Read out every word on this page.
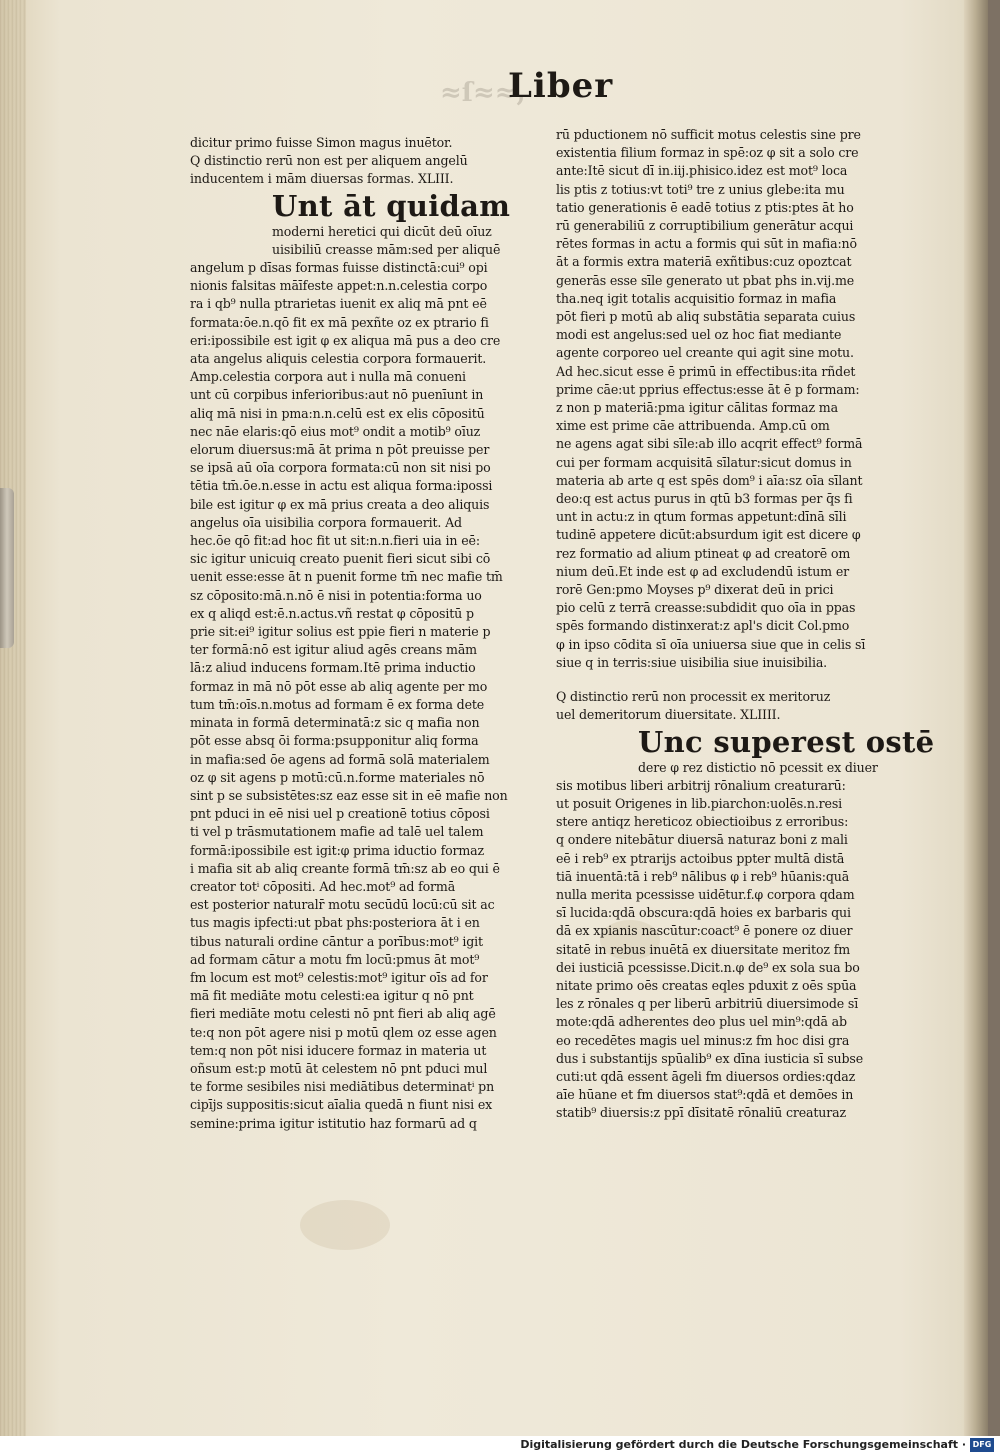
≈ſ≈≈,
Liber

dicitur primo fuisse Simon magus inuētor.

Q distinctio rerū non est per aliquem angelū

inducentem i mām diuersas formas. XLIII.

Unt āt quidam

moderni heretici qui dicūt deū oīuz

uisibiliū creasse mām:sed per aliquē

angelum p dīsas formas fuisse distinctā:cui⁹ opi

nionis falsitas māīfeste appet:n.n.celestia corpo

ra i qb⁹ nulla ptrarietas iuenit ex aliq mā pnt eē

formata:ōe.n.qō fit ex mā pexñte oz ex ptrario fi

eri:ipossibile est igit φ ex aliqua mā pus a deo cre

ata angelus aliquis celestia corpora formauerit.

Amp.celestia corpora aut i nulla mā conueni

unt cū corpibus inferioribus:aut nō puenīunt in

aliq mā nisi in pma:n.n.celū est ex elis cōpositū

nec nāe elaris:qō eius mot⁹ ondit a motib⁹ oīuz

elorum diuersus:mā āt prima n pōt preuisse per

se ipsā aū oīa corpora formata:cū non sit nisi po

tētia tm̄.ōe.n.esse in actu est aliqua forma:ipossi

bile est igitur φ ex mā prius creata a deo aliquis

angelus oīa uisibilia corpora formauerit. Ad

hec.ōe qō fit:ad hoc fit ut sit:n.n.fieri uia in eē:

sic igitur unicuiq creato puenit fieri sicut sibi cō

uenit esse:esse āt n puenit forme tm̄ nec mafie tm̄

sz cōposito:mā.n.nō ē nisi in potentia:forma uo

ex q aliqd est:ē.n.actus.vñ restat φ cōpositū p

prie sit:ei⁹ igitur solius est ppie fieri n materie p

ter formā:nō est igitur aliud agēs creans mām

lā:z aliud inducens formam.Itē prima inductio

formaz in mā nō pōt esse ab aliq agente per mo

tum tm̄:oīs.n.motus ad formam ē ex forma dete

minata in formā determinatā:z sic q mafia non

pōt esse absq ōi forma:psupponitur aliq forma

in mafia:sed ōe agens ad formā solā materialem

oz φ sit agens p motū:cū.n.forme materiales nō

sint p se subsistētes:sz eaz esse sit in eē mafie non

pnt pduci in eē nisi uel p creationē totius cōposi

ti vel p trāsmutationem mafie ad talē uel talem

formā:ipossibile est igit:φ prima iductio formaz

i mafia sit ab aliq creante formā tm̄:sz ab eo qui ē

creator totⁱ cōpositi. Ad hec.mot⁹ ad formā

est posterior naturalr̄ motu secūdū locū:cū sit ac

tus magis ipfecti:ut pbat phs:posteriora āt i en

tibus naturali ordine cāntur a porībus:mot⁹ igit

ad formam cātur a motu fm locū:pmus āt mot⁹

fm locum est mot⁹ celestis:mot⁹ igitur oīs ad for

mā̄ fit mediāte motu celesti:ea igitur q nō pnt

fieri mediāte motu celesti nō pnt fieri ab aliq agē

te:q non pōt agere nisi p motū qlem oz esse agen

tem:q non pōt nisi iducere formaz in materia ut

oñsum est:p motū āt celestem nō pnt pduci mul

te forme sesibiles nisi mediātibus determinatⁱ pn

cipījs suppositis:sicut aīalia quedā n fiunt nisi ex

semine:prima igitur istitutio haz formarū ad q

rū pductionem nō sufficit motus celestis sine pre

existentia filium formaz in spē:oz φ sit a solo cre

ante:Itē sicut dī in.iij.phisico.idez est mot⁹ loca

lis ptis z totius:vt toti⁹ tre z unius glebe:ita mu

tatio generationis ē eadē totius z ptis:ptes āt ho

rū generabiliū z corruptibilium generātur acqui

rētes formas in actu a formis qui sūt in mafia:nō

āt a formis extra materiā exñtibus:cuz opoztcat

generās esse sīle generato ut pbat phs in.vij.me

tha.neq igit totalis acquisitio formaz in mafia

pōt fieri p motū ab aliq substātia separata cuius

modi est angelus:sed uel oz hoc fiat mediante

agente corporeo uel creante qui agit sine motu.

Ad hec.sicut esse ē primū in effectibus:ita rñdet

prime cāe:ut pprius effectus:esse āt ē p formam:

z non p materiā:pma igitur cālitas formaz ma

xime est prime cāe attribuenda. Amp.cū om

ne agens agat sibi sīle:ab illo acqrit effect⁹ formā

cui per formam acquisitā sīlatur:sicut domus in

materia ab arte q est spēs dom⁹ i aīa:sz oīa sīlant

deo:q est actus purus in qtū b3 formas per q̄s fi

unt in actu:z in qtum formas appetunt:dīnā sīli

tudinē appetere dicūt:absurdum igit est dicere φ

rez formatio ad alium ptineat φ ad creatorē om

nium deū.Et inde est φ ad excludendū istum er

rorē Gen:pmo Moyses p⁹ dixerat deū in prici

pio celū z terrā creasse:subdidit quo oīa in ppas

spēs formando distinxerat:z apl's dicit Col.pmo

φ in ipso cōdita sī oīa uniuersa siue que in celis sī

siue q in terris:siue uisibilia siue inuisibilia.

Q distinctio rerū non processit ex meritoruz

uel demeritorum diuersitate. XLIIII.

Unc superest ostē

dere φ rez distictio nō pcessit ex diuer

sis motibus liberi arbitrij rōnalium creaturarū:

ut posuit Origenes in lib.piarchon:uolēs.n.resi

stere antiqz hereticoz obiectioibus z erroribus:

q ondere nitebātur diuersā naturaz boni z mali

eē i reb⁹ ex ptrarijs actoibus ppter multā distā

tiā inuentā:tā i reb⁹ nālibus φ i reb⁹ hūanis:quā

nulla merita pcessisse uidētur.f.φ corpora qdam

sī lucida:qdā obscura:qdā hoies ex barbaris qui

dā ex xpianis nascūtur:coact⁹ ē ponere oz diuer

sitatē in rebus inuētā ex diuersitate meritoz fm

dei iusticiā pcessisse.Dicit.n.φ de⁹ ex sola sua bo

nitate primo oēs creatas eqles pduxit z oēs spūa

les z rōnales q per liberū arbitriū diuersimode sī

mote:qdā adherentes deo plus uel min⁹:qdā ab

eo recedētes magis uel minus:z fm hoc disi gra

dus i substantijs spūalib⁹ ex dīna iusticia sī subse

cuti:ut qdā essent āgeli fm diuersos ordies:qdaz

aīe hūane et fm diuersos stat⁹:qdā et demōes in

statib⁹ diuersis:z ppī dīsitatē rōnaliū creaturaz

Digitalisierung gefördert durch die Deutsche Forschungsgemeinschaft · DFG
